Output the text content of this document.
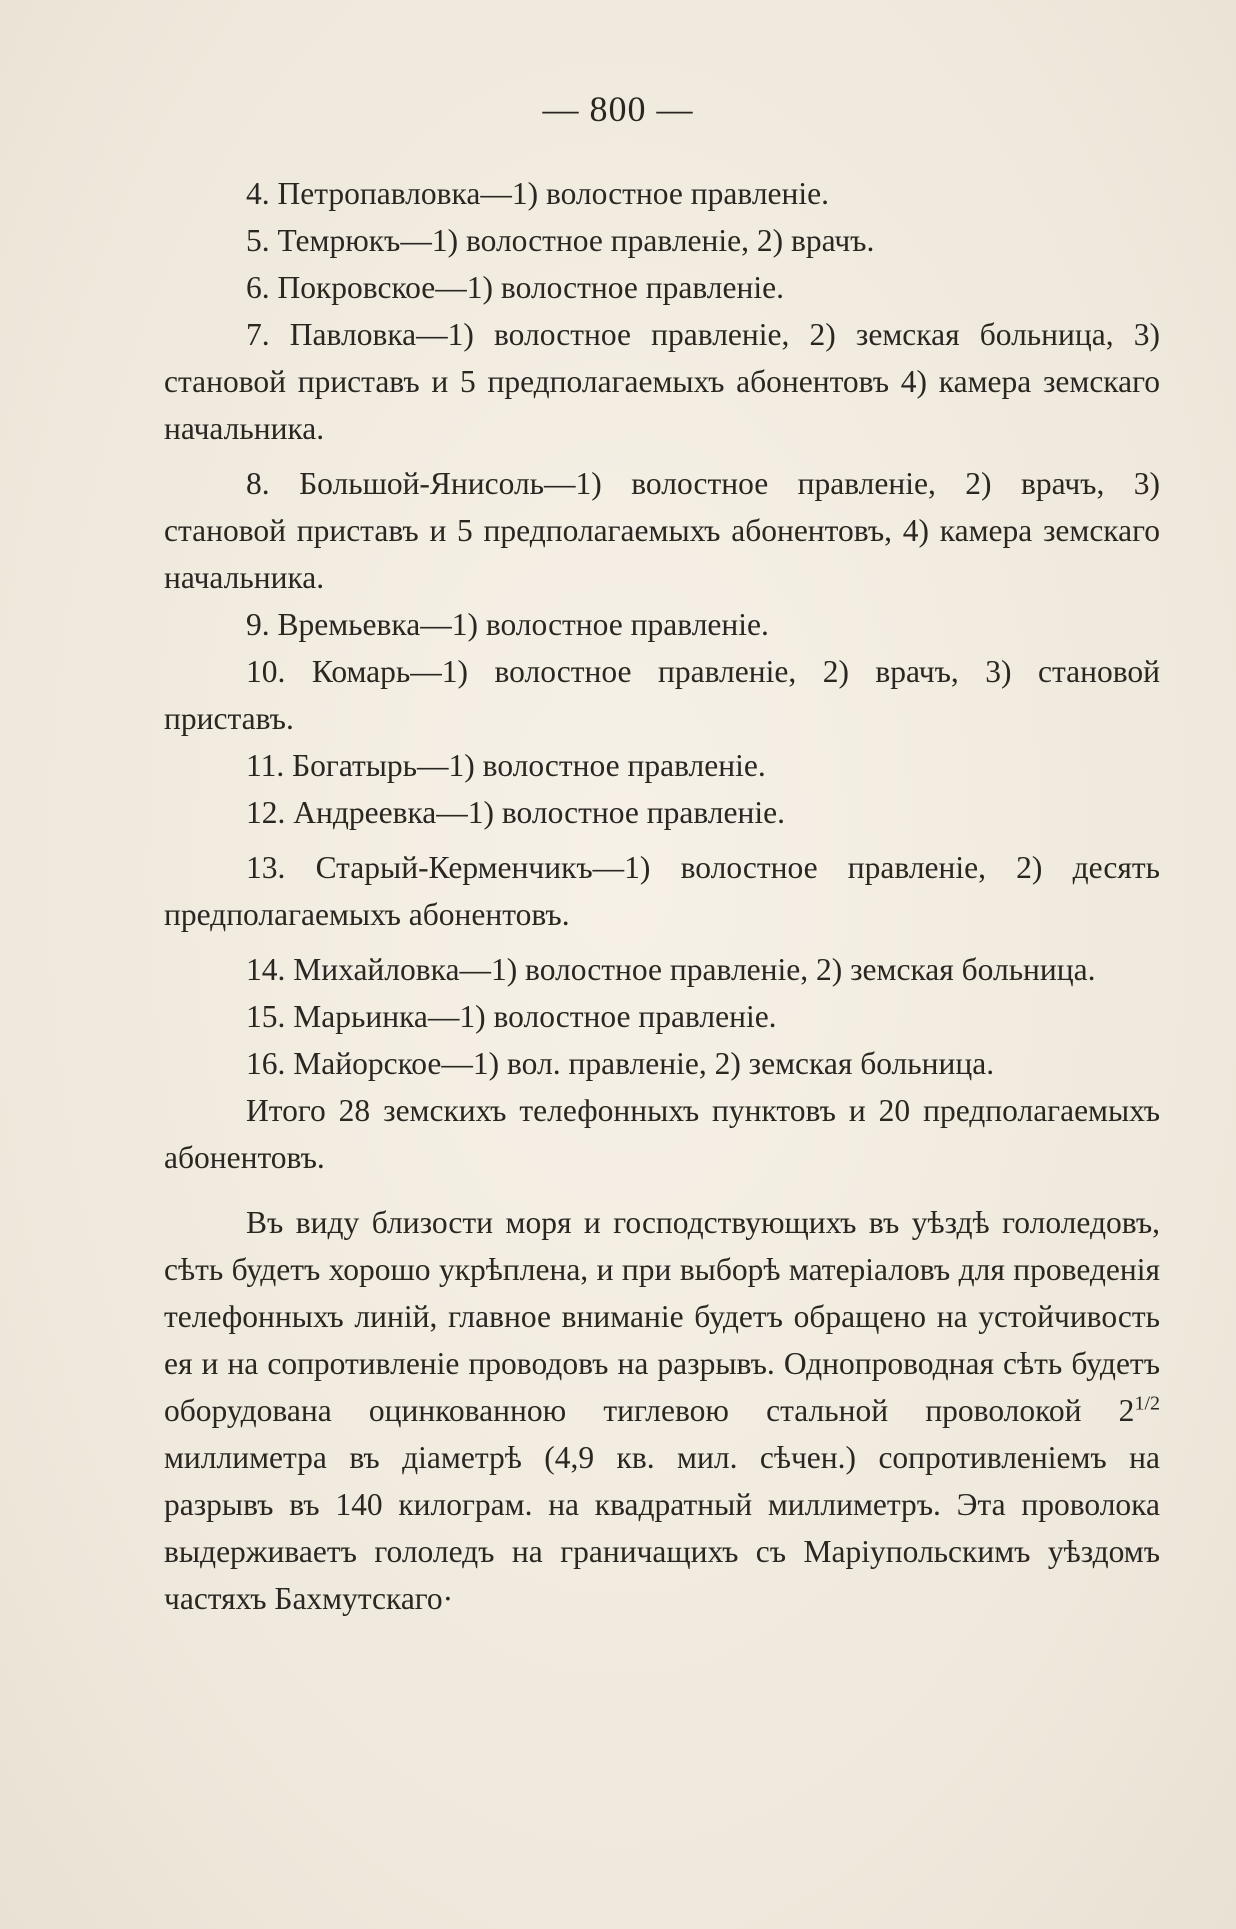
— 800 —

4. Петропавловка—1) волостное правленіе.

5. Темрюкъ—1) волостное правленіе, 2) врачъ.

6. Покровское—1) волостное правленіе.

7. Павловка—1) волостное правленіе, 2) земская больница, 3) становой приставъ и 5 предполагаемыхъ абонентовъ 4) камера земскаго начальника.

8. Большой-Янисоль—1) волостное правленіе, 2) врачъ, 3) становой приставъ и 5 предполагаемыхъ абонентовъ, 4) камера земскаго начальника.

9. Времьевка—1) волостное правленіе.

10. Комарь—1) волостное правленіе, 2) врачъ, 3) становой приставъ.

11. Богатырь—1) волостное правленіе.

12. Андреевка—1) волостное правленіе.

13. Старый-Керменчикъ—1) волостное правленіе, 2) десять предполагаемыхъ абонентовъ.

14. Михайловка—1) волостное правленіе, 2) земская больница.

15. Марьинка—1) волостное правленіе.

16. Майорское—1) вол. правленіе, 2) земская больница.

Итого 28 земскихъ телефонныхъ пунктовъ и 20 предполагаемыхъ абонентовъ.

Въ виду близости моря и господствующихъ въ уѣздѣ гололедовъ, сѣть будетъ хорошо укрѣплена, и при выборѣ матеріаловъ для проведенія телефонныхъ линій, главное вниманіе будетъ обращено на устойчивость ея и на сопротивленіе проводовъ на разрывъ. Однопроводная сѣть будетъ оборудована оцинкованною тиглевою стальной проволокой $2^{1/2}$ миллиметра въ діаметрѣ (4,9 кв. мил. сѣчен.) сопротивленіемъ на разрывъ въ 140 килограм. на квадратный миллиметръ. Эта проволока выдерживаетъ гололедъ на граничащихъ съ Маріупольскимъ уѣздомъ частяхъ Бахмутскаго·
